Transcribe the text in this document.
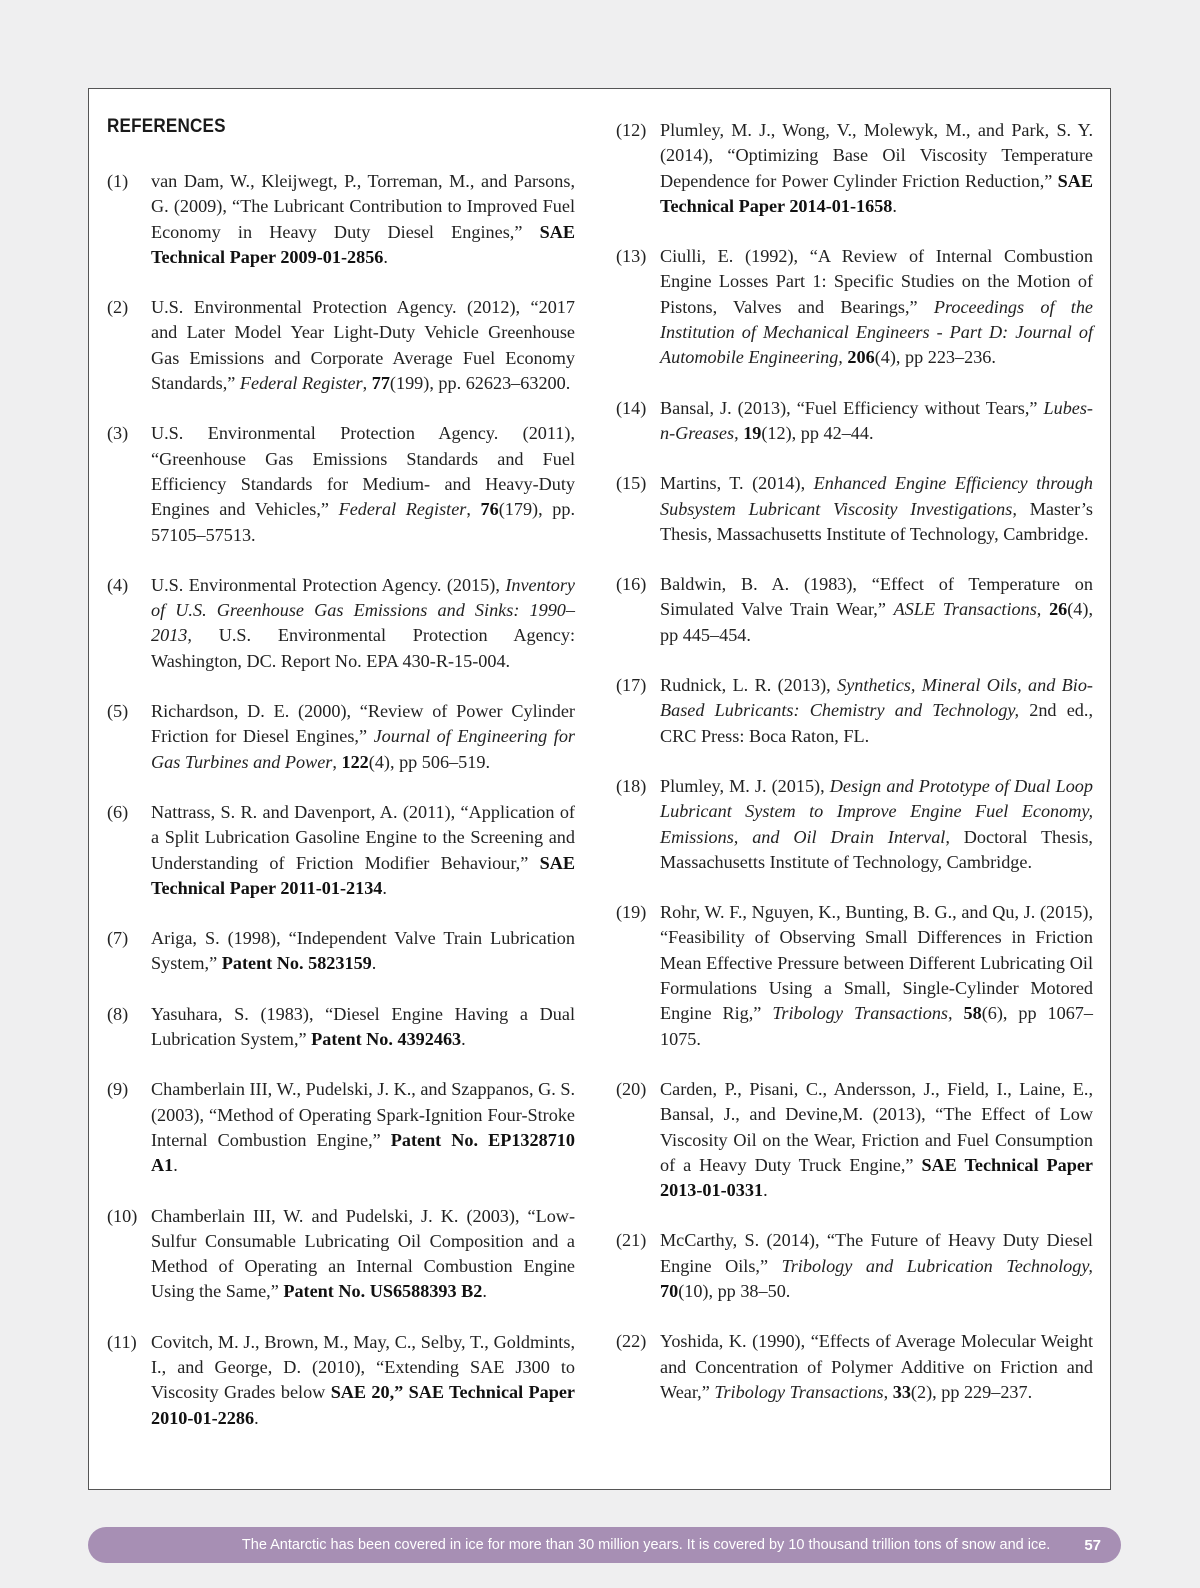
REFERENCES
(1)	van Dam, W., Kleijwegt, P., Torreman, M., and Parsons, G. (2009), “The Lubricant Contribution to Improved Fuel Economy in Heavy Duty Diesel Engines,” SAE Technical Paper 2009-01-2856.
(2)	U.S. Environmental Protection Agency. (2012), “2017 and Later Model Year Light-Duty Vehicle Greenhouse Gas Emissions and Corporate Average Fuel Economy Standards,” Federal Register, 77(199), pp. 62623–63200.
(3)	U.S. Environmental Protection Agency. (2011), “Greenhouse Gas Emissions Standards and Fuel Efficiency Standards for Medium- and Heavy-Duty Engines and Vehicles,” Federal Register, 76(179), pp. 57105–57513.
(4)	U.S. Environmental Protection Agency. (2015), Inventory of U.S. Greenhouse Gas Emissions and Sinks: 1990–2013, U.S. Environmental Protection Agency: Washington, DC. Report No. EPA 430-R-15-004.
(5)	Richardson, D. E. (2000), “Review of Power Cylinder Friction for Diesel Engines,” Journal of Engineering for Gas Turbines and Power, 122(4), pp 506–519.
(6)	Nattrass, S. R. and Davenport, A. (2011), “Application of a Split Lubrication Gasoline Engine to the Screening and Understanding of Friction Modifier Behaviour,” SAE Technical Paper 2011-01-2134.
(7)	Ariga, S. (1998), “Independent Valve Train Lubrication System,” Patent No. 5823159.
(8)	Yasuhara, S. (1983), “Diesel Engine Having a Dual Lubrication System,” Patent No. 4392463.
(9)	Chamberlain III, W., Pudelski, J. K., and Szappanos, G. S. (2003), “Method of Operating Spark-Ignition Four-Stroke Internal Combustion Engine,” Patent No. EP1328710 A1.
(10) Chamberlain III, W. and Pudelski, J. K. (2003), “Low-Sulfur Consumable Lubricating Oil Composition and a Method of Operating an Internal Combustion Engine Using the Same,” Patent No. US6588393 B2.
(11) Covitch, M. J., Brown, M., May, C., Selby, T., Goldmints, I., and George, D. (2010), “Extending SAE J300 to Viscosity Grades below SAE 20,” SAE Technical Paper 2010-01-2286.
(12) Plumley, M. J., Wong, V., Molewyk, M., and Park, S. Y. (2014), “Optimizing Base Oil Viscosity Temperature Dependence for Power Cylinder Friction Reduction,” SAE Technical Paper 2014-01-1658.
(13) Ciulli, E. (1992), “A Review of Internal Combustion Engine Losses Part 1: Specific Studies on the Motion of Pistons, Valves and Bearings,” Proceedings of the Institution of Mechanical Engineers - Part D: Journal of Automobile Engineering, 206(4), pp 223–236.
(14) Bansal, J. (2013), “Fuel Efficiency without Tears,” Lubes-n-Greases, 19(12), pp 42–44.
(15) Martins, T. (2014), Enhanced Engine Efficiency through Subsystem Lubricant Viscosity Investigations, Master’s Thesis, Massachusetts Institute of Technology, Cambridge.
(16) Baldwin, B. A. (1983), “Effect of Temperature on Simulated Valve Train Wear,” ASLE Transactions, 26(4), pp 445–454.
(17) Rudnick, L. R. (2013), Synthetics, Mineral Oils, and Bio-Based Lubricants: Chemistry and Technology, 2nd ed., CRC Press: Boca Raton, FL.
(18) Plumley, M. J. (2015), Design and Prototype of Dual Loop Lubricant System to Improve Engine Fuel Economy, Emissions, and Oil Drain Interval, Doctoral Thesis, Massachusetts Institute of Technology, Cambridge.
(19) Rohr, W. F., Nguyen, K., Bunting, B. G., and Qu, J. (2015), “Feasibility of Observing Small Differences in Friction Mean Effective Pressure between Different Lubricating Oil Formulations Using a Small, Single-Cylinder Motored Engine Rig,” Tribology Transactions, 58(6), pp 1067–1075.
(20) Carden, P., Pisani, C., Andersson, J., Field, I., Laine, E., Bansal, J., and Devine,M. (2013), “The Effect of Low Viscosity Oil on the Wear, Friction and Fuel Consumption of a Heavy Duty Truck Engine,” SAE Technical Paper 2013-01-0331.
(21) McCarthy, S. (2014), “The Future of Heavy Duty Diesel Engine Oils,” Tribology and Lubrication Technology, 70(10), pp 38–50.
(22) Yoshida, K. (1990), “Effects of Average Molecular Weight and Concentration of Polymer Additive on Friction and Wear,” Tribology Transactions, 33(2), pp 229–237.
The Antarctic has been covered in ice for more than 30 million years. It is covered by 10 thousand trillion tons of snow and ice. 57
